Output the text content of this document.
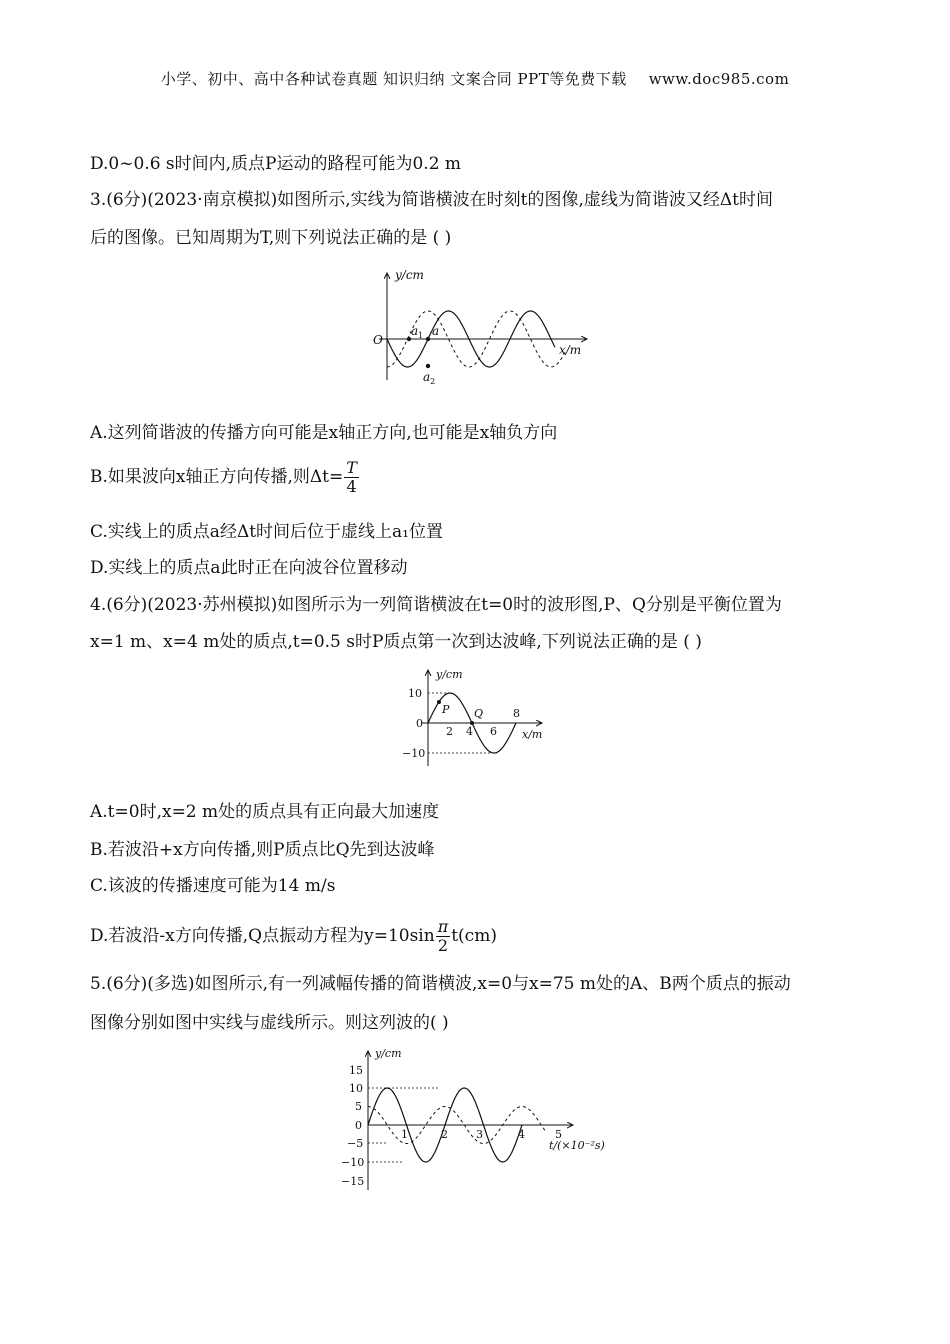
小学、初中、高中各种试卷真题 知识归纳 文案合同 PPT等免费下载 www.doc985.com
D.0~0.6 s时间内,质点P运动的路程可能为0.2 m
3.(6分)(2023·南京模拟)如图所示,实线为简谐横波在时刻t的图像,虚线为简谐波又经Δt时间
后的图像。已知周期为T,则下列说法正确的是 ( )
y/cm
x/m
O
$a_1$ a
$a_2$
A.这列简谐波的传播方向可能是x轴正方向,也可能是x轴负方向
B.如果波向x轴正方向传播,则$\Delta t= \frac{T}{4}$
C.实线上的质点a经Δt时间后位于虚线上a₁位置
D.实线上的质点a此时正在向波谷位置移动
4.(6分)(2023·苏州模拟)如图所示为一列简谐横波在t=0时的波形图,P、Q分别是平衡位置为
x=1 m、x=4 m处的质点,t=0.5 s时P质点第一次到达波峰,下列说法正确的是 ( )
y/cm
x/m
10
0
−10
2 4 6
8
P Q
A.t=0时,x=2 m处的质点具有正向最大加速度
B.若波沿+x方向传播,则P质点比Q先到达波峰
C.该波的传播速度可能为14 m/s
D.若波沿-x方向传播,Q点振动方程为$y=10\sin \frac{\pi}{2} t(cm)$
5.(6分)(多选)如图所示,有一列减幅传播的简谐横波,x=0与x=75 m处的A、B两个质点的振动
图像分别如图中实线与虚线所示。则这列波的( )
y/cm
t/(×10⁻²s)
15
10
5
0
−5
−10
−15
1	2	3	4	5
